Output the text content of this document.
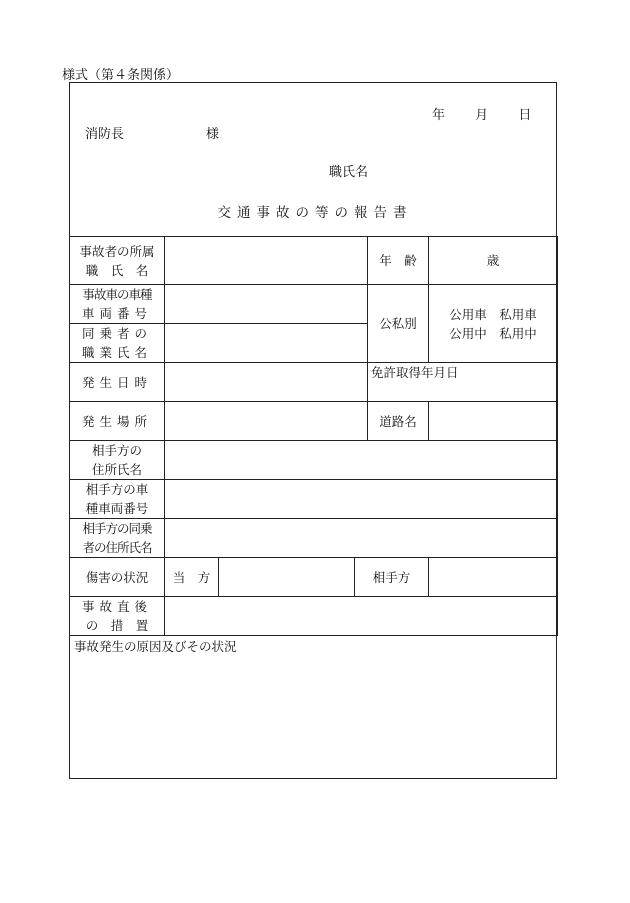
様式（第４条関係）
年 月 日
消防長	様
職氏名
交通事故の等の報告書
事故者の所属
職　氏　名				年　齢	歳

事故車の車種
車両番号				公私別	公用車　私用車
公用中　私用中

同乗者の
職業氏名					

発生日時				免許取得年月日	
発生場所				道路名	

相手方の
住所氏名					

相手方の車
種車両番号					

相手方の同乗
者の住所氏名					

傷害の状況	当　方		相手方		

事故直後
の　措　置					

事故発生の原因及びその状況
